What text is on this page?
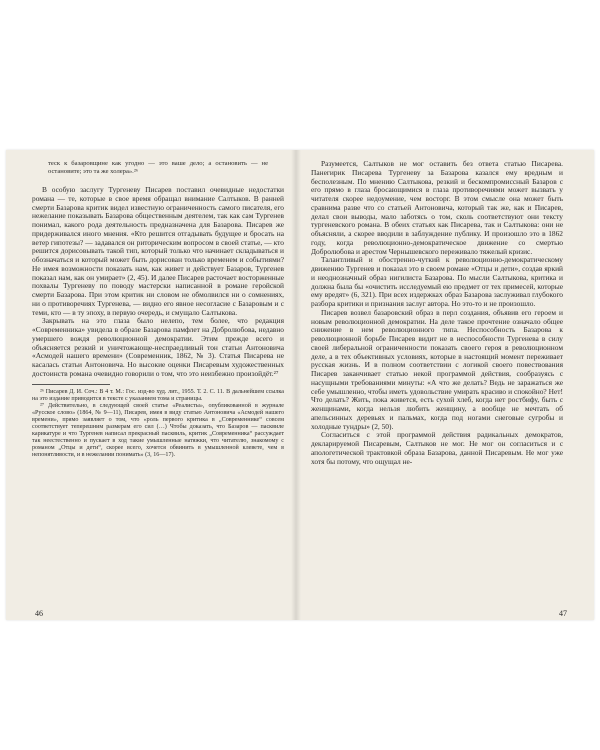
теск к базаровщине как угодно — это ваше дело; а остановить — не остановите; это та же холера».²⁶

В особую заслугу Тургеневу Писарев поставил очевидные недостатки романа — те, которые в свое время обращал внимание Салтыков. В ранней смерти Базарова критик видел известную ограниченность самого писателя, его нежелание показывать Базарова общественным деятелем, так как сам Тургенев понимал, какого рода деятельность предназначена для Базарова. Писарев же придерживался иного мнения. «Кто решится отгадывать будущее и бросать на ветер гипотезы? — задавался он риторическим вопросом в своей статье, — кто решится дорисовывать такой тип, который только что начинает складываться и обозначаться и который может быть дорисован только временем и событиями? Не имея возможности показать нам, как живет и действует Базаров, Тургенев показал нам, как он умирает» (2, 45). И далее Писарев расточает восторженные похвалы Тургеневу по поводу мастерски написанной в романе геройской смерти Базарова. При этом критик ни словом не обмолвился ни о сомнениях, ни о противоречиях Тургенева, — видно его явное несогласие с Базаровым и с теми, кто — в ту эпоху, в первую очередь, и смущало Салтыкова.

Закрывать на это глаза было нелепо, тем более, что редакция «Современника» увидела в образе Базарова памфлет на Добролюбова, недавно умершего вождя революционной демократии. Этим прежде всего и объясняется резкий и уничтожающе-неспраедливый тон статьи Антоновича «Асмодей нашего времени» (Современник, 1862, № 3). Статья Писарева не касалась статьи Антоновича. Но высокие оценки Писаревым художественных достоинств романа очевидно говорили о том, что это неизбежно произойдёт.²⁷

²⁶ Писарев Д. И. Соч.: В 4 т. М.: Гос. изд-во худ. лит., 1955. Т. 2. С. 11. В дальнейшем ссылка на это издание приводится в тексте с указанием тома и страницы.

²⁷ Действительно, в следующей своей статье «Реалисты», опубликованной в журнале «Русское слово» (1864, № 9—11), Писарев, имея в виду статью Антоновича «Асмодей нашего времени», прямо заявляет о том, что «роль первого критика в „Современнике“ совсем соответствует теперешним размерам его сил (…) Чтобы доказать, что Базаров — пасквиле карикатуре и что Тургенев написал прекрасный пасквиль, критик „Современника“ рассуждает так неестественно и пускает в ход такие умышленные натяжки, что читателю, знакомому с романом „Отцы и дети“, скорее всего, хочется обвинить в умышленной клевете, чем в непонятливости, и в нежелании понимать» (3, 16—17).

46

Разумеется, Салтыков не мог оставить без ответа статью Писарева. Панегирик Писарева Тургеневу за Базарова казался ему вредным и бесполезным. По мнению Салтыкова, резкий и бескомпромиссный Базаров с его прямо в глаза бросающимися в глаза противоречиями может вызвать у читателя скорее недоумение, чем восторг. В этом смысле она может быть сравнима разве что со статьей Антоновича, который так же, как и Писарев, делал свои выводы, мало заботясь о том, сколь соответствуют они тексту тургеневского романа. В обеих статьях как Писарева, так и Салтыкова: они не объясняли, а скорее вводили в заблуждение публику. И произошло это в 1862 году, когда революционно-демократическое движение со смертью Добролюбова и арестом Чернышевского переживало тяжелый кризис.

Талантливый и обостренно-чуткий к революционно-демократическому движению Тургенев и показал это в своем романе «Отцы и дети», создав яркий и неоднозначный образ нигилиста Базарова. По мысли Салтыкова, критика и должна была бы «очистить исследуемый ею предмет от тех примесей, которые ему вредят» (6, 321). При всех издержках образ Базарова заслуживал глубокого разбора критики и признания заслуг автора. Но это-то и не произошло.

Писарев возвел базаровский образ в перл создания, объявив его героем и новым революционной демократии. На деле такое прочтение означало общее снижение в нем революционного типа. Неспособность Базарова к революционной борьбе Писарев видит не в неспособности Тургенева в силу своей либеральной ограниченности показать своего героя в революционном деле, а в тех объективных условиях, которые в настоящий момент переживает русская жизнь. И в полном соответствии с логикой своего повествования Писарев заканчивает статью некой программой действия, сообразуясь с насущными требованиями минуты: «А что же делать? Ведь не заражаться же себе умышленно, чтобы иметь удовольствие умирать красиво и спокойно? Нет! Что делать? Жить, пока живется, есть сухой хлеб, когда нет ростбифу, быть с женщинами, когда нельзя любить женщину, а вообще не мечтать об апельсинных деревьях и пальмах, когда под ногами снеговые сугробы и холодные тундры» (2, 50).

Согласиться с этой программой действия радикальных демократов, декларируемой Писаревым, Салтыков не мог. Не мог он согласиться и с апологетической трактовкой образа Базарова, данной Писаревым. Не мог уже хотя бы потому, что ощущал не-

47
